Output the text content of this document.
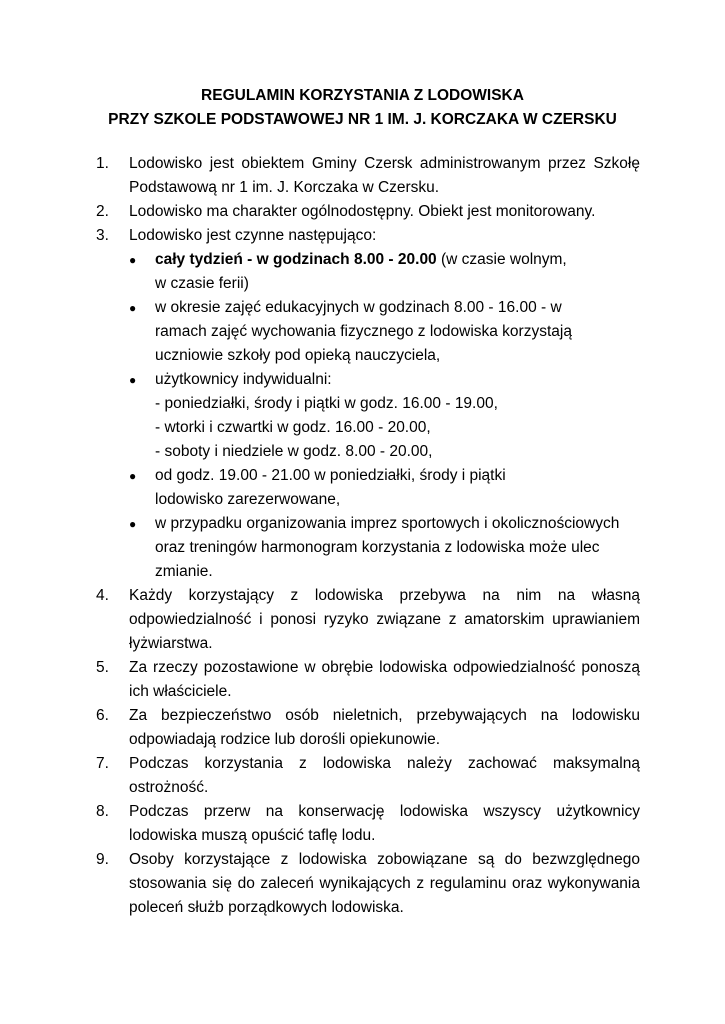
REGULAMIN KORZYSTANIA Z LODOWISKA
PRZY SZKOLE PODSTAWOWEJ NR 1 IM. J. KORCZAKA W CZERSKU
1. Lodowisko jest obiektem Gminy Czersk administrowanym przez Szkołę Podstawową nr 1 im. J. Korczaka w Czersku.
2. Lodowisko ma charakter ogólnodostępny. Obiekt jest monitorowany.
3. Lodowisko jest czynne następująco:
● cały tydzień - w godzinach 8.00 - 20.00 (w czasie wolnym, w czasie ferii)
● w okresie zajęć edukacyjnych w godzinach 8.00 - 16.00 - w ramach zajęć wychowania fizycznego z lodowiska korzystają uczniowie szkoły pod opieką nauczyciela,
● użytkownicy indywidualni:
- poniedziałki, środy i piątki w godz. 16.00 - 19.00,
- wtorki i czwartki w godz. 16.00 - 20.00,
- soboty i niedziele w godz. 8.00 - 20.00,
● od godz. 19.00 - 21.00 w poniedziałki, środy i piątki lodowisko zarezerwowane,
● w przypadku organizowania imprez sportowych i okolicznościowych oraz treningów harmonogram korzystania z lodowiska może ulec zmianie.
4. Każdy korzystający z lodowiska przebywa na nim na własną odpowiedzialność i ponosi ryzyko związane z amatorskim uprawianiem łyżwiarstwa.
5. Za rzeczy pozostawione w obrębie lodowiska odpowiedzialność ponoszą ich właściciele.
6. Za bezpieczeństwo osób nieletnich, przebywających na lodowisku odpowiadają rodzice lub dorośli opiekunowie.
7. Podczas korzystania z lodowiska należy zachować maksymalną ostrożność.
8. Podczas przerw na konserwację lodowiska wszyscy użytkownicy lodowiska muszą opuścić taflę lodu.
9. Osoby korzystające z lodowiska zobowiązane są do bezwzględnego stosowania się do zaleceń wynikających z regulaminu oraz wykonywania poleceń służb porządkowych lodowiska.
